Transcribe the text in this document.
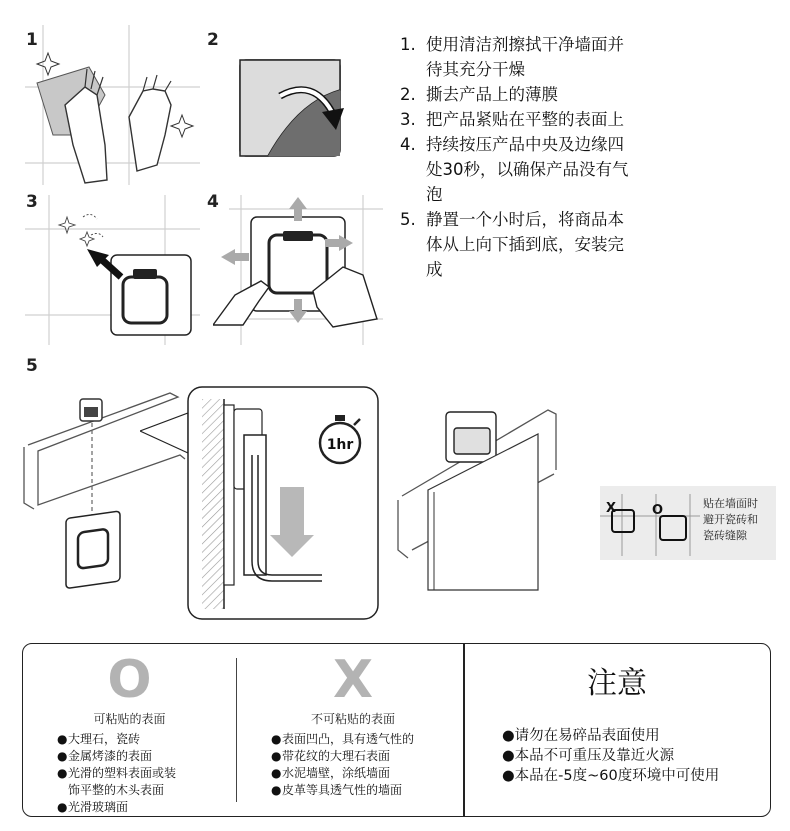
1	2
3	4
5
1. 使用清洁剂擦拭干净墙面并
待其充分干燥
2. 撕去产品上的薄膜
3. 把产品紧贴在平整的表面上
4. 持续按压产品中央及边缘四
处30秒，以确保产品没有气
泡
5. 静置一个小时后，将商品本
体从上向下插到底，安装完
成
1hr
X	O	贴在墙面时
避开瓷砖和
瓷砖缝隙
O
可粘贴的表面
● 大理石，瓷砖
● 金属烤漆的表面
● 光滑的塑料表面或装
饰平整的木头表面
● 光滑玻璃面
X
不可粘贴的表面
● 表面凹凸，具有透气性的
● 带花纹的大理石表面
● 水泥墙壁，涂纸墙面
● 皮革等具透气性的墙面
注意
●请勿在易碎品表面使用
●本品不可重压及靠近火源
●本品在-5度~60度环境中可使用
